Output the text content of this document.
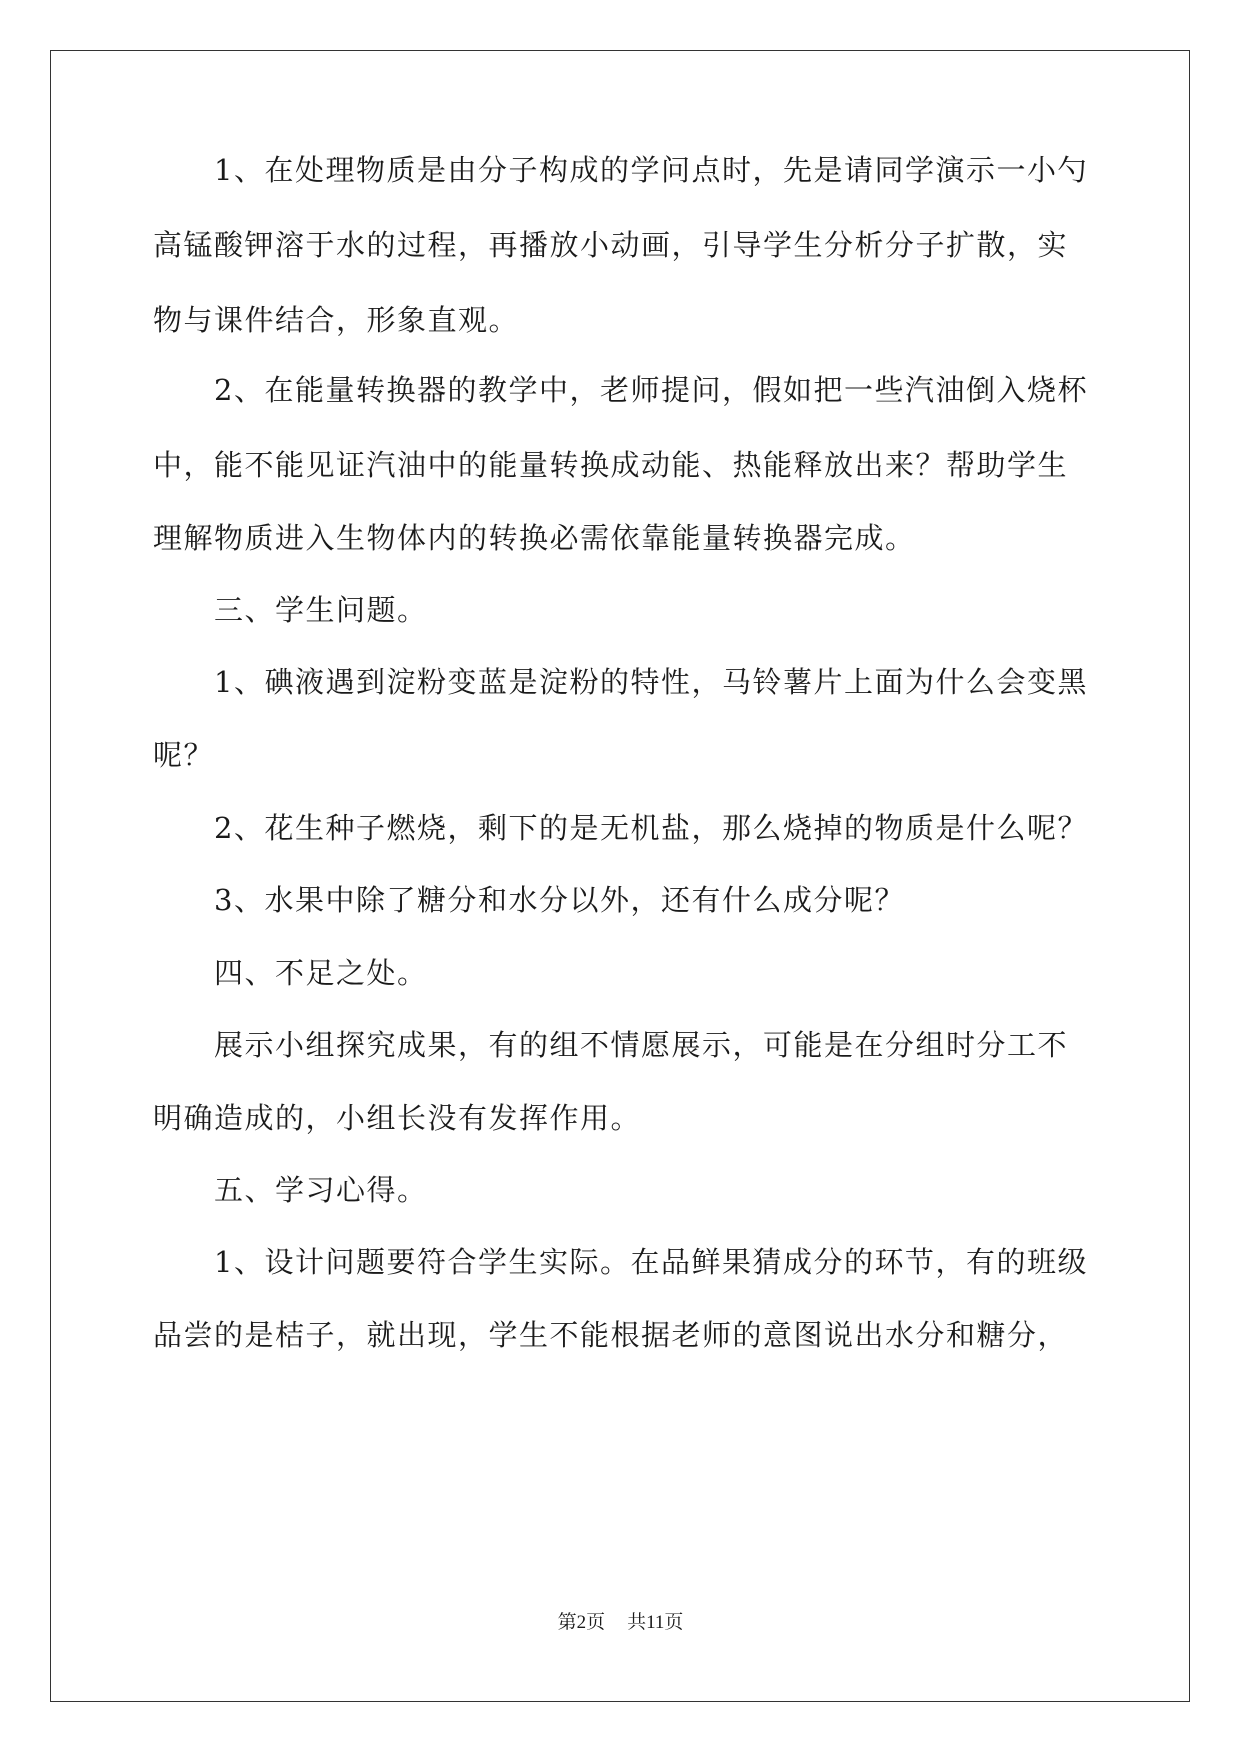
1、在处理物质是由分子构成的学问点时，先是请同学演示一小勺
高锰酸钾溶于水的过程，再播放小动画，引导学生分析分子扩散，实
物与课件结合，形象直观。
2、在能量转换器的教学中，老师提问，假如把一些汽油倒入烧杯
中，能不能见证汽油中的能量转换成动能、热能释放出来？帮助学生
理解物质进入生物体内的转换必需依靠能量转换器完成。
三、学生问题。
1、碘液遇到淀粉变蓝是淀粉的特性，马铃薯片上面为什么会变黑
呢？
2、花生种子燃烧，剩下的是无机盐，那么烧掉的物质是什么呢？
3、水果中除了糖分和水分以外，还有什么成分呢？
四、不足之处。
展示小组探究成果，有的组不情愿展示，可能是在分组时分工不
明确造成的，小组长没有发挥作用。
五、学习心得。
1、设计问题要符合学生实际。在品鲜果猜成分的环节，有的班级
品尝的是桔子，就出现，学生不能根据老师的意图说出水分和糖分，
第2页 共11页
